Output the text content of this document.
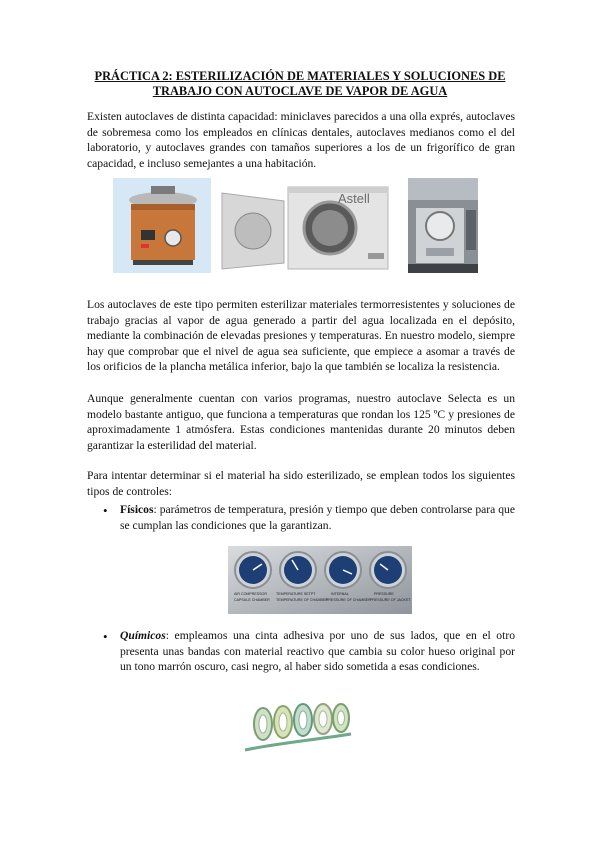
PRÁCTICA 2: ESTERILIZACIÓN DE MATERIALES Y SOLUCIONES DE
TRABAJO CON AUTOCLAVE DE VAPOR DE AGUA

Existen autoclaves de distinta capacidad: miniclaves parecidos a una olla exprés, autoclaves de sobremesa como los empleados en clínicas dentales, autoclaves medianos como el del laboratorio, y autoclaves grandes con tamaños superiores a los de un frigorífico de gran capacidad, e incluso semejantes a una habitación.

Astell

Los autoclaves de este tipo permiten esterilizar materiales termorresistentes y soluciones de trabajo gracias al vapor de agua generado a partir del agua localizada en el depósito, mediante la combinación de elevadas presiones y temperaturas. En nuestro modelo, siempre hay que comprobar que el nivel de agua sea suficiente, que empiece a asomar a través de los orificios de la plancha metálica inferior, bajo la que también se localiza la resistencia.

Aunque generalmente cuentan con varios programas, nuestro autoclave Selecta es un modelo bastante antiguo, que funciona a temperaturas que rondan los 125 ºC y presiones de aproximadamente 1 atmósfera. Estas condiciones mantenidas durante 20 minutos deben garantizar la esterilidad del material.

Para intentar determinar si el material ha sido esterilizado, se emplean todos los siguientes tipos de controles:

• Físicos: parámetros de temperatura, presión y tiempo que deben controlarse para que se cumplan las condiciones que la garantizan.

AIR COMPRESSOR	TEMPERATURE SETPT	INTERNAL	PRESSURE
CAPSULE CHAMBER TEMPERATURE OF CHAMBER
PRESSURE OF CHAMBER PRESSURE OF JACKET
• Químicos: empleamos una cinta adhesiva por uno de sus lados, que en el otro presenta unas bandas con material reactivo que cambia su color hueso original por un tono marrón oscuro, casi negro, al haber sido sometida a esas condiciones.
